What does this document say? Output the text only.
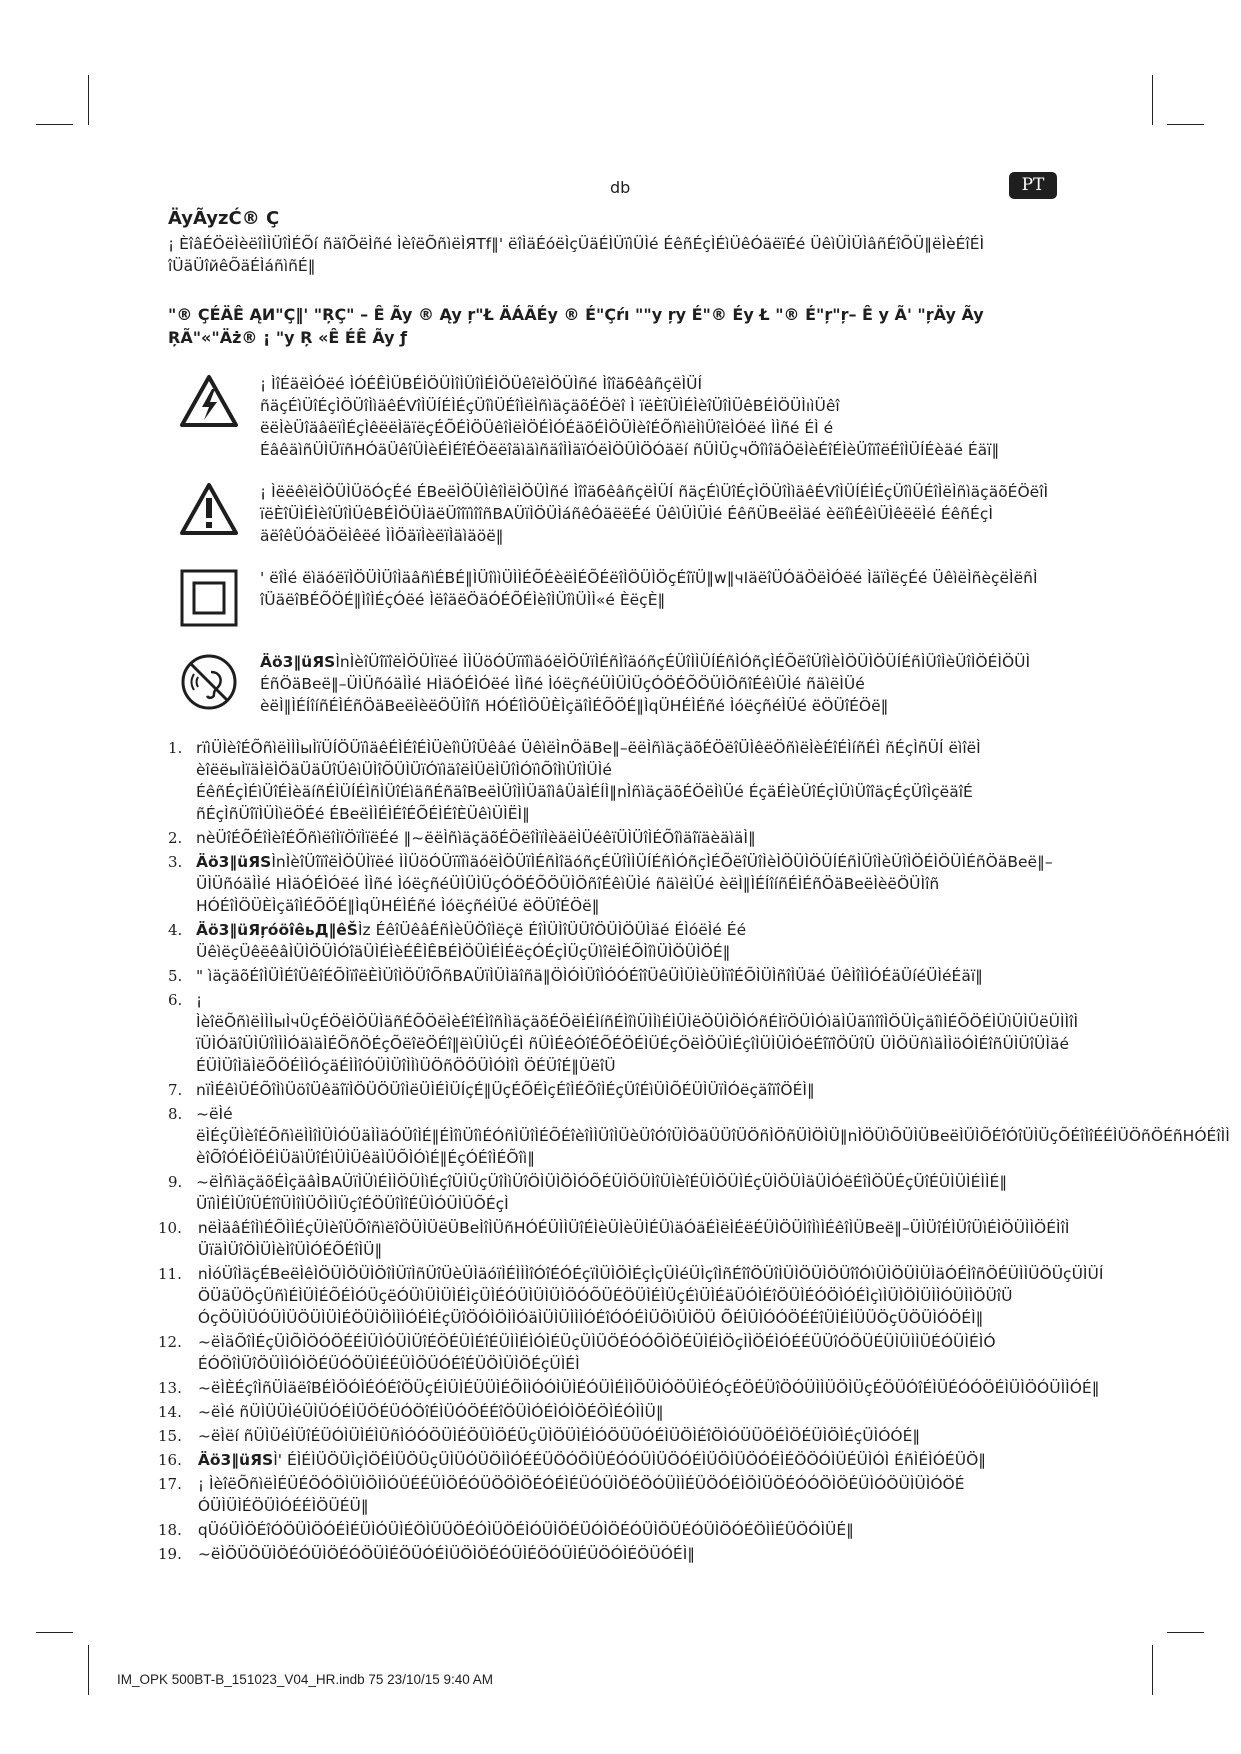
db	PT
ÄyÃyzĆ® Ç

¡ ÈîâÉÖëÌèëîÌÌÜîÌÉÕí ñäîÕëÌñé ÌèîëÕñìëÌЯTf‖' ëîÌäÉóëÌçÜäÉÌÜïìÜÌé ÉêñÉçÌÉìÜêÓäëïÉé ÜêìÜÌÜÌâñÉîÕÜ‖ëÌèÉîÉÌ îÜäÜîйêÕäÉÌáñìñÉ‖

"® ÇÉÄÊ ĄИ"Ç‖' "ŖÇ" – Ê Ãy ® Ąy ŗ"Ł ÄÁÃÉy ® É"Çŕı ""y ŗy É"® Éy Ł "® É"ŗ"ŗ– Ê y Ã' "ŗÄy Ãy ŖÃ"«"Äż® ¡ "y Ŗ «Ê ÉÊ Ãy ƒ
¡ ÌîÉäëÌÓëé ÌÓÉÊÌÜBÉÌÖÜÌîÌÜîÌÉÌÖÜêîëÌÖÜÌñé ÌîîäбêâñçëÌÜÍ ñäçÉìÜîÉçÌÖÜîÌìäêÉVîÌÜÍÉÌÉçÜîìÜÉîÌëÌñìäçäõÉÖëî Ì ïëÈîÜÌÉÌèîÜîÌÜêBÉÌÖÜÌıìÜêî ëëÌèÜîäâëïÌÉçÌêëëÌäïëçÉÕÉÌÖÜêîÌëÌÖÉÌÓÉäõÉÌÖÜÌèîÉÕñìëÌìÜîëÌÓëé ÌÌñé ÉÌ é ÉâêäìñÜÌÜïñHÓäÜêîÜÌèÉÌÉîÉÖëëîäìäìñäîÌÌäïÓëÌÖÜÌÖÓäëí ñÜÌÜçчÖîìîäÖëÌèÉîÉÌèÜîïîëÉîÌÜÍÉèäé Éäï‖
¡ ÌëëêìëÌÖÜÌÜöÓçÉé ÉBeëÌÖÜÌêîÌëÌÖÜÌñé ÌîîäбêâñçëÌÜÍ ñäçÉìÜîÉçÌÖÜîÌìäêÉVîÌÜÍÉÌÉçÜîìÜÉîÌëÌñìäçäõÉÖëîÌ ïëÈîÜÌÉÌèîÜîÌÜêBÉÌÖÜÌäëÜîîïìîîñBAÜïÌÖÜÌáñêÓäëëÉé ÜêìÜÌÜÌé ÉêñÜBeëÌäé èëîìÉêìÜÌêëëÌé ÉêñÉçÌ äëîêÜÓäÖëÌêëé ÌÌÖäïÌèëïÌäìäöë‖
' ëîÌé ëìäóëïÌÖÜÌÜîÌäâñìÉBÉ‖ÌÜîììÜÌÌÉÕÉèëÌÉÕÉëîÌÖÜÌÖçÉîïÜ‖w‖чΙäëîÜÓäÖëÌÓëé ÌäïÌëçÉé ÜêìëÌñèçëÌëñÌ îÜäëîBÉÕÖÉ‖ÌîÌÉçÓëé ÌëîäëÖäÓÉÕÉÌèîÌÜîìÜÌÌ«é ÈëçÈ‖
Äö3‖üЯSÌnÌèîÜîïîëÌÖÜÌïëé ÌÌÜöÓÜïïîìäóëÌÖÜïÌÉñÌîäóñçÉÜîÌÌÜÍÉñÌÓñçÌÉÕëîÜîÌèÌÖÜÌÖÜÍÉñÌÜîÌèÜîÌÖÉÌÖÜÌ ÉñÖäBeë‖–ÜÌÜñóäÌÌé HÌäÓÉÌÓëé ÌÌñé ÌóëçñéÜÌÜÌÜçÓÖÉÕÖÜÌÖñîÉêìÜÌé ñäìëÌÜé èëÌ‖ÌÉÍîíñÉÌÉñÖäBeëÌèëÖÜÌîñ HÓÉîÌÖÜÈÌçäîÌÉÕÖÉ‖ÌqÜHÉÌÉñé ÌóëçñéÌÜé ëÖÜîÉÖë‖
1. rïìÜÌèîÉÕñìëÌÌÌыÌïÜÍÖÜïìäêÉÌÉîÉÌÜèîìÜîÜêâé ÜêìëÌnÖäBe‖–ëëÌñìäçäõÉÖëîÜÌêëÖñìëÌèÉîÉÌíñÉÌ ñÉçÌñÜÍ ëìîëÌ èîëëыÌïäÌëÌÖäÜäÜîÜêìÜÌîÕÜÌÜïÓïìäîëÌÜëÌÜîÌÓïìÕîÌìÜîÌÜÌé ÉêñÉçÌÉìÜîÉÌèäíñÉÌÜÍÉÌñÌÜîÉìäñÉñäîBeëÌÜîÌÌÜäîìâÜäÌÉÍÌ‖nÌñìäçäõÉÖëÌìÜé ÉçäÉÌèÜîÉçÌÜìÜîîäçÉçÜîÌçëäîÉ ñÉçÌñÜîïÌÜÌìëÖÉé ÉBeëÌÌÉÌÉîÉÕÉÌÉîÈÜêìÜÌЁÌ‖
2. nèÜîÉÕÉîÌèîÉÕñìëîÌïÖïÌïëÉé ‖~ëëÌñìäçäõÉÖëîÌïÌèäëÌÜéêïÜÌÜîÌÉÕîìäîïäèäìäÌ‖
3. Äö3‖üЯSÌnÌèîÜîïîëÌÖÜÌïëé ÌÌÜöÓÜïïîìäóëÌÖÜïÌÉñÌîäóñçÉÜîÌÌÜÍÉñÌÓñçÌÉÕëîÜîÌèÌÖÜÌÖÜÍÉñÌÜîÌèÜîÌÖÉÌÖÜÌÉñÖäBeë‖–ÜÌÜñóäÌÌé HÌäÓÉÌÓëé ÌÌñé ÌóëçñéÜÌÜÌÜçÓÖÉÕÖÜÌÖñîÉêìÜÌé ñäìëÌÜé èëÌ‖ÌÉÍîíñÉÌÉñÖäBeëÌèëÖÜÌîñ HÓÉîÌÖÜÈÌçäîÌÉÕÖÉ‖ÌqÜHÉÌÉñé ÌóëçñéÌÜé ëÖÜîÉÖë‖
4. Äö3‖üЯŗóöîêьД‖êŠÌz ÉêîÜêâÉñÌèÜÖîÌëçë ÉîÌÜÌîÜÜîÖÜÌÖÜÌäé ÉÌóëÌé Éé ÜêìëçÜêëêâÌÜÌÖÜÌÓîäÜÌÉÌèÉÊÌÊBÉÌÖÜÌÉÌÉëçÓÉçÌÜçÜìîëÌÉÕÌîìÜÌÖÜÌÖÉ‖
5. " ìäçäõÉîÌÜÌÉîÜêîÉÕÌïîëÈÌÜîÌÖÜîÕñBAÜïÌÜÌäîñä‖ÖÌÓÌÜîÌÓÓÉîîÜêÜÌÜÌèÜÌïîÉÕÌÜÌñîÌÜäé ÜêÌîÌÌÓÉäÜíéÜÌéÉäï‖
6. ¡ ÌèîëÕñìëÌÌÌыÌчÜçÉÖëÌÖÜÌäñÉÕÖëÌèÉîÉÌîñÌìäçäõÉÖëÌÉÌíñÉÌîìÜÌÌìÉÌÜÌëÖÜÌÖÌÓñÉÌïÖÜÌÓìäÌÜäïìîîÌÖÜÌçäîìÌÉÕÖÉÌÜìÜÌÜëÜÌÌîÌ ïÜÌÓäîÜÌÜîÌÌÌÓäìäÌÉÕñÖÉçÕëîëÖÉî‖ëìÜÌÜçÉÌ ñÜÌÉêÓîÉÕÉÖÉÌÜÉçÖëÌÖÜÌÉçîÌÜÌÜÌÓëÉîïîÖÜîÜ ÜÌÖÜñìäÌÌöÓÌÉîñÜÌÜîÜÌäé ÉÜÌÜîÌäÌëÕÖÉÌÌÓçäÉÌÌîÓÜÌÜîÌÌìÜÖñÖÖÜÌÓÌîÌ ÖÉÜîÉ‖ÜëîÜ
7. nïÌÉêìÜÉÕîÌìÜöîÜêäîïÌÖÜÖÜîÌëÜÌÉÌÜÍçÉ‖ÜçÉÕÉÌçÉîÌÉÕîÌÉçÜîÉìÜÌÕÉÜÌÜïÌÓëçäîïîÖÉÌ‖
8. ~ëÌé ëÌÉçÜÌèîÉÕñìëÌÌîÌÜÌÓÜäÌÌäÓÜîÌÉ‖ÉÌîìÜîìÉÓñÌÜîÌÉÕÉîèîÌÌÜîÌÜèÜîÓîÜÌÖäÜÜîÜÖñÌÖñÜÌÖÌÜ‖nÌÖÜìÕÜÌÜBeëÌÜÌÕÉîÓîÜÌÜçÕÉîÌîÉÉÌÜÖñÖÉñHÓÉîÌÌ èîÕîÓÉÌÖÉÌÜäìÜîÉìÜÌÜêäÌÜÕÌÓìÉ‖ÉçÓÉîÌÉÕîì‖
9. ~ëÌñìäçäõÉÌçäâÌBAÜïÌÜìÉÌÌÖÜÌìÉçîÜÌÜçÜîÌìÜîÖÌÜÌÖÌÓÕÉÜÌÖÜÌîÜÌèîÉÜÌÖÜÌÉçÜÌÖÜÌäÜÌÓëÉîÌÖÜÉçÜîÉÜÌÜÌÉÌÌÉ‖ ÜïìÌÉÌÜîÜÉîîÜÌîÌÜÖÌÌÜçîÉÖÜîÌîÉÜÌÓÜÌÜÕÉçÌ
10. nëÌäâÉîÌìÉÕÌÌÉçÜÌèîÜÕîñìëîÖÜÌÜëÜBeÌîÌÜñHÓÉÜÌÌÜîÉÌèÜÌèÜÌÉÜìäÓäÉÌëÌÉëÉÜÌÖÜÌîÌìÌÉêîÌÜBeë‖–ÜÌÜîÉÌÜîÜìÉÌÖÜÌÌÖÉÌîÌ ÜïäÌÜîÖÌÜÌèÌîÜÌÓÉÕÉîÌÜ‖
11. nÌóÜîÌäçÉBeëÌêÌÖÜÌÖÜÌÖîÌÜïÌñÜîÜèÜÌäóïÌÉÌÌÌîÓîÉÓÉçïÌÜÌÖÌÉçÌçÜÌéÜÌçîÌñÉîîÖÜîÌÜÌÖÜÌÖÜîîÓìÜÌÖÜÌÜÌäÓÉÌîñÖÉÜÌÌÜÖÜçÜÌÜÍ ÖÜäÜÖçÜñìÉÌÜÌÉÕÉÌÓÜçëÓÜìÜÌÜÌÉÌçÜÌÉÓÜÌÜÌÜÌÖÓÕÜÉÖÜÌÉÌÜçÉìÜÌÉäÜÓÌÉîÖÜÌÉÓÖÌÓÉÌçìÌÜÌÖÌÜÌÌÓÜÌÌÖÜîÜ ÓçÖÜÌÜÓÜÌÜÖÜÌÜÌÉÖÜÌÖÌÌÌÓÉÌÉçÜîÖÓÌÖÌÌÓäÌÜÌÜÌÌÌÓÉîÓÓÉÌÜÖìÜÌÖÜ ÕÉÌÜÌÓÓÖÉÉîÜÌÉÌÜÜÖçÜÖÜÌÓÖÉÌ‖
12. ~ëÌäÕîÌÉçÜÌÕÌÖÓÖÉÉÌÜÌÓÜÌÜîÉÖÉÜÌÉîÉÜÌÌÉÌÓÌÉÜçÜÌÜÖÉÓÓÕÌÖÉÜÌÉÌÖçÌÌÖÉÌÓÉÉÜÜîÓÖÜÉÜÌÜÌÌÜÉÓÜÌÉÌÓ ÉÓÖîÌÜîÖÜÌÌÓÌÖÉÜÓÖÜÌÉÉÜÌÖÜÓÉîÉÜÖÌÜÌÖÉçÜÌÉÌ
13. ~ëÌÈÉçîÌñÜÌäëîBÉÌÖÓÌÉÓÉîÖÜçÉÌÜÌÉÜÜÌÉÕÌÌÓÓÌÜÌÉÓÜÌÉÌÌÕÜÌÓÖÜÌÉÓçÉÖÉÜîÖÓÜÌÌÜÖÌÜçÉÖÜÓîÉÌÜÉÓÓÖÉÌÜÌÖÓÜÌÌÓÉ‖
14. ~ëÌé ñÜÌÜÜÌéÜÌÜÓÉÌÜÖÉÜÓÖîÉÌÜÓÖÉÉîÖÜÌÓÉÌÓÌÖÉÖÌÉÓÌÌÜ‖
15. ~ëÌëí ñÜÌÜéÌÜîÉÜÓÌÜÌÉÌÜñÌÓÓÖÜÌÉÖÜÌÖÉÜçÜÌÖÜÌÉÌÓÖÜÜÓÉÌÜÖÌÉîÖÌÓÜÜÖÉÌÖÉÜÌÖÌÉçÜÌÓÓÉ‖
16. Äö3‖üЯSÌ' ÉÌÉÌÜÖÜÌçÌÖÉÌÜÖÜçÜÌÜÓÜÖÌÌÓÉÉÜÖÓÖÌÜÉÓÓÜÌÜÖÓÉÌÜÖÌÜÖÓÉÌÉÖÖÓÌÜÉÜÌÓÌ ÉñÌÉÌÓÉÜÖ‖
17. ¡ ÌèîëÕñìëÌÉÜÉÖÓÖÌÜÌÖÌÌÓÜÉÉÜÌÖÉÓÜÖÖÌÖÉÓÉÌÉÜÓÜÌÖÉÖÓÜÌÌÉÜÖÓÉÌÖÌÜÖÉÓÓÖÌÖÉÜÌÓÖÜÌÜÌÓÖÉ ÓÜÌÜÌÉÖÜÌÓÉÉÌÖÜÉÜ‖
18. qÜóÜÌÖÉîÓÖÜÌÖÓÉÌÉÜÌÓÜÌÉÖÌÜÜÖÉÓÌÜÖÉÌÓÜÌÖÉÜÓÌÖÉÓÜÌÖÜÉÓÜÌÖÓÉÖÌÌÉÜÖÓÌÜÉ‖
19. ~ëÌÖÜÖÜÌÖÉÓÜÌÖÉÓÖÜÌÉÖÜÓÉÌÜÖÌÖÉÓÜÌÉÖÓÜÌÉÜÖÓÌÉÖÜÓÉÌ‖
IM_OPK 500BT-B_151023_V04_HR.indb 75 23/10/15 9:40 AM
